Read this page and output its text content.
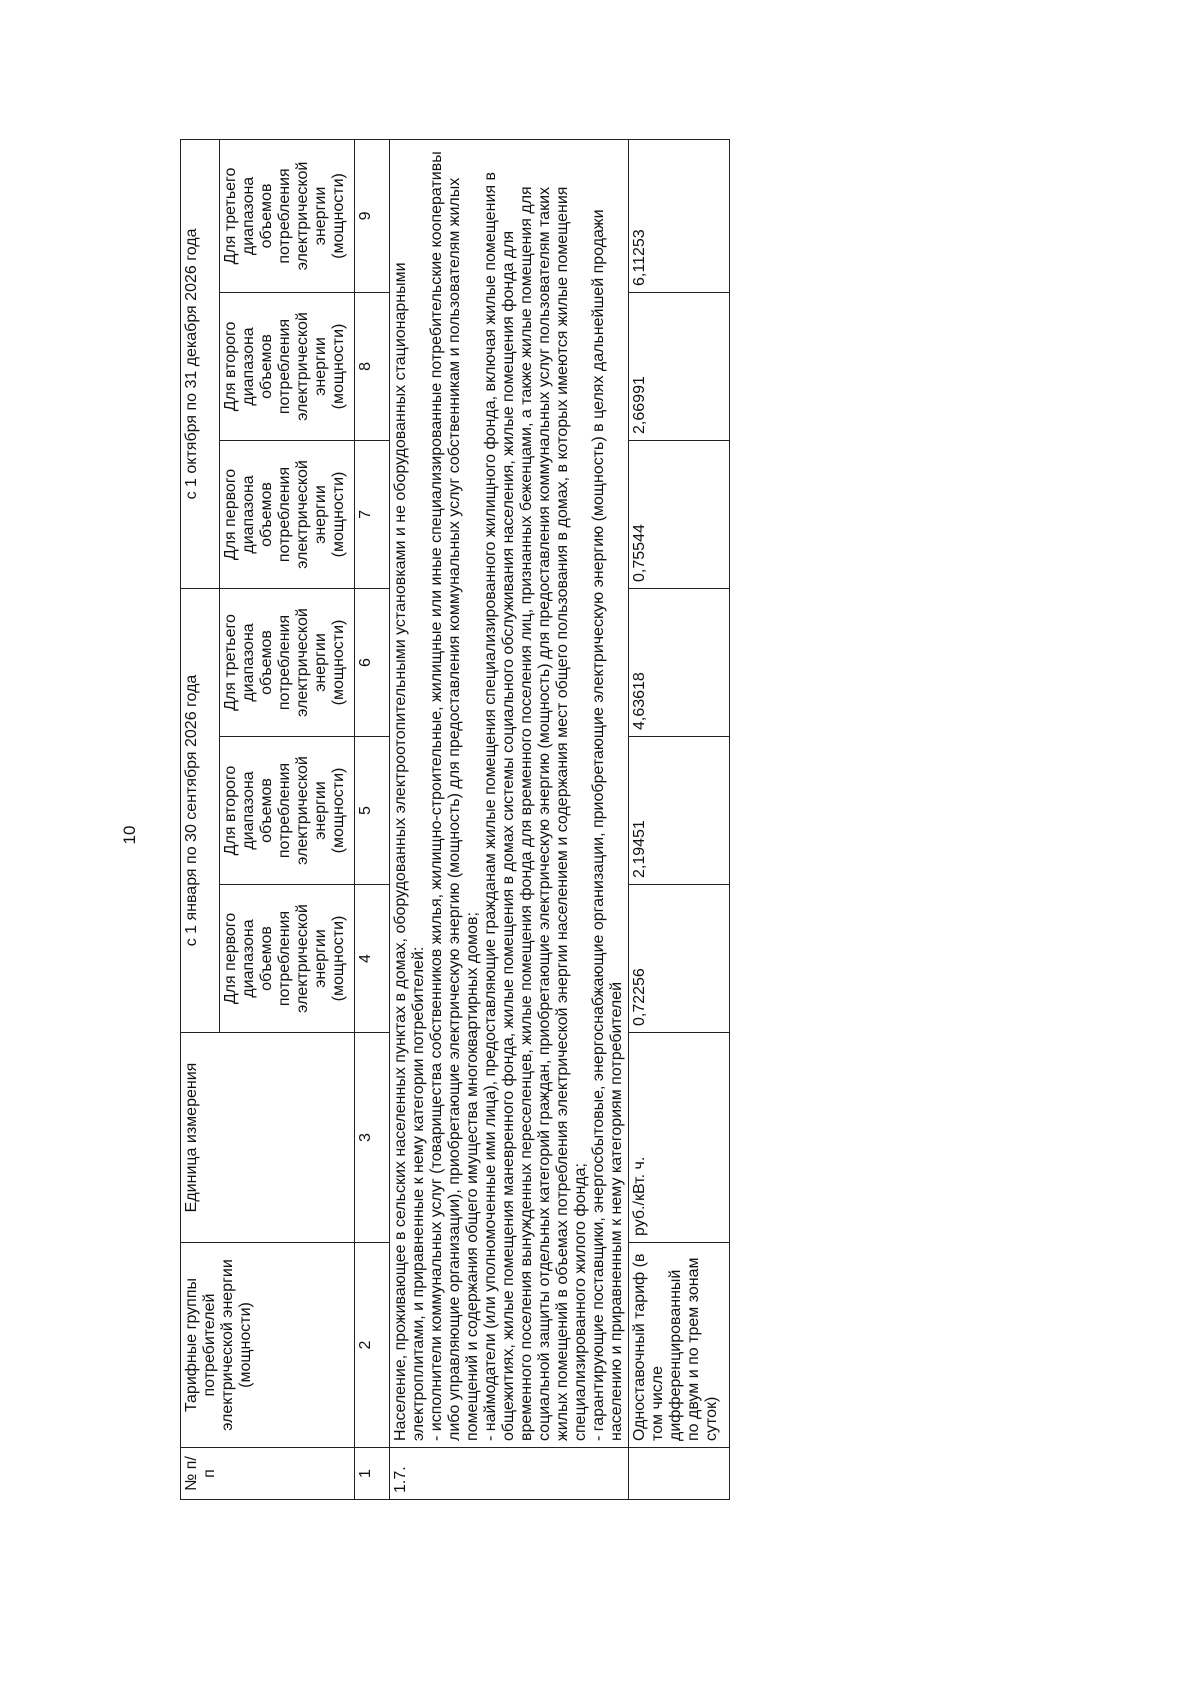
10
№ п/п	Тарифные группы потребителей электрической энергии (мощности)	Единица измерения	с 1 января по 30 сентября 2026 года			с 1 октября по 31 декабря 2026 года		
			Для первого диапазона объемов потребления электрической энергии (мощности)	Для второго диапазона объемов потребления электрической энергии (мощности)	Для третьего диапазона объемов потребления электрической энергии (мощности)	Для первого диапазона объемов потребления электрической энергии (мощности)	Для второго диапазона объемов потребления электрической энергии (мощности)	Для третьего диапазона объемов потребления электрической энергии (мощности)
1	2	3	4	5	6	7	8	9
1.7.	Население, проживающее в сельских населенных пунктах в домах, оборудованных электроотопительными установками и не оборудованных стационарными электроплитами, и приравненные к нему категории потребителей: - исполнители коммунальных услуг (товарищества собственников жилья, жилищно-строительные, жилищные или иные специализированные потребительские кооперативы либо управляющие организации), приобретающие электрическую энергию (мощность) для предоставления коммунальных услуг собственникам и пользователям жилых помещений и содержания общего имущества многоквартирных домов; - наймодатели (или уполномоченные ими лица), предоставляющие гражданам жилые помещения специализированного жилищного фонда, включая жилые помещения в общежитиях, жилые помещения маневренного фонда, жилые помещения в домах системы социального обслуживания населения, жилые помещения фонда для временного поселения вынужденных переселенцев, жилые помещения фонда для временного поселения лиц, признанных беженцами, а также жилые помещения для социальной защиты отдельных категорий граждан, приобретающие электрическую энергию (мощность) для предоставления коммунальных услуг пользователям таких жилых помещений в объемах потребления электрической энергии населением и содержания мест общего пользования в домах, в которых имеются жилые помещения специализированного жилого фонда; - гарантирующие поставщики, энергосбытовые, энергоснабжающие организации, приобретающие электрическую энергию (мощность) в целях дальнейшей продажи населению и приравненным к нему категориям потребителей							

	Одноставочный тариф (в том числе дифференцированный по двум и по трем зонам суток)	руб./кВт. ч.	0,72256	2,19451	4,63618	0,75544	2,66991	6,11253
